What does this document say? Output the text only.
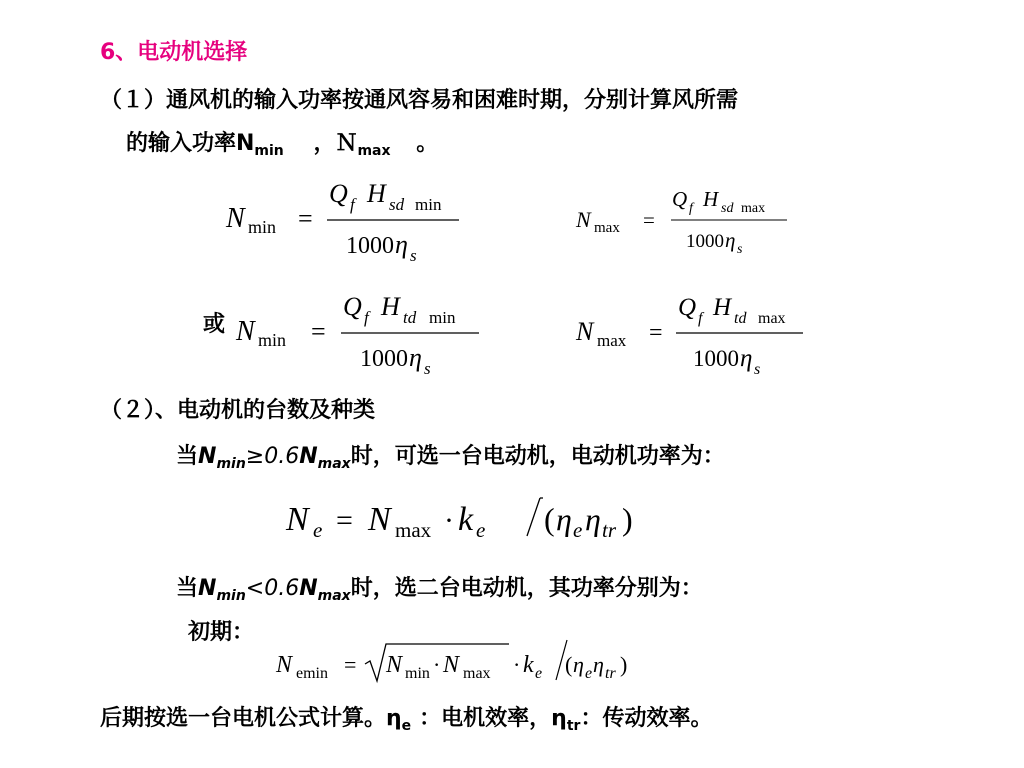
6、电动机选择
（１）通风机的输入功率按通风容易和困难时期，分别计算风所需
的输入功率$N_{min}$ ，Ｎ$_{max}$ 。
N min =
Q f H sd min
1000 η s
N max =
Q f H sd max
1000 η s
或 N min =
Q f H td min
1000 η s
N max =
Q f H td max
1000 η s
（２）、电动机的台数及种类
当$N_{min}\ge 0.6N_{max}$时，可选一台电动机，电动机功率为：
N e = N max · k e ( η e η tr )
当$N_{min}<0.6N_{max}$时，选二台电动机，其功率分别为：
初期：
N emin = N min · N max · k e ( η e η tr )
后期按选一台电机公式计算。$\eta_e$ ：电机效率，$\eta_{tr}$：传动效率。
